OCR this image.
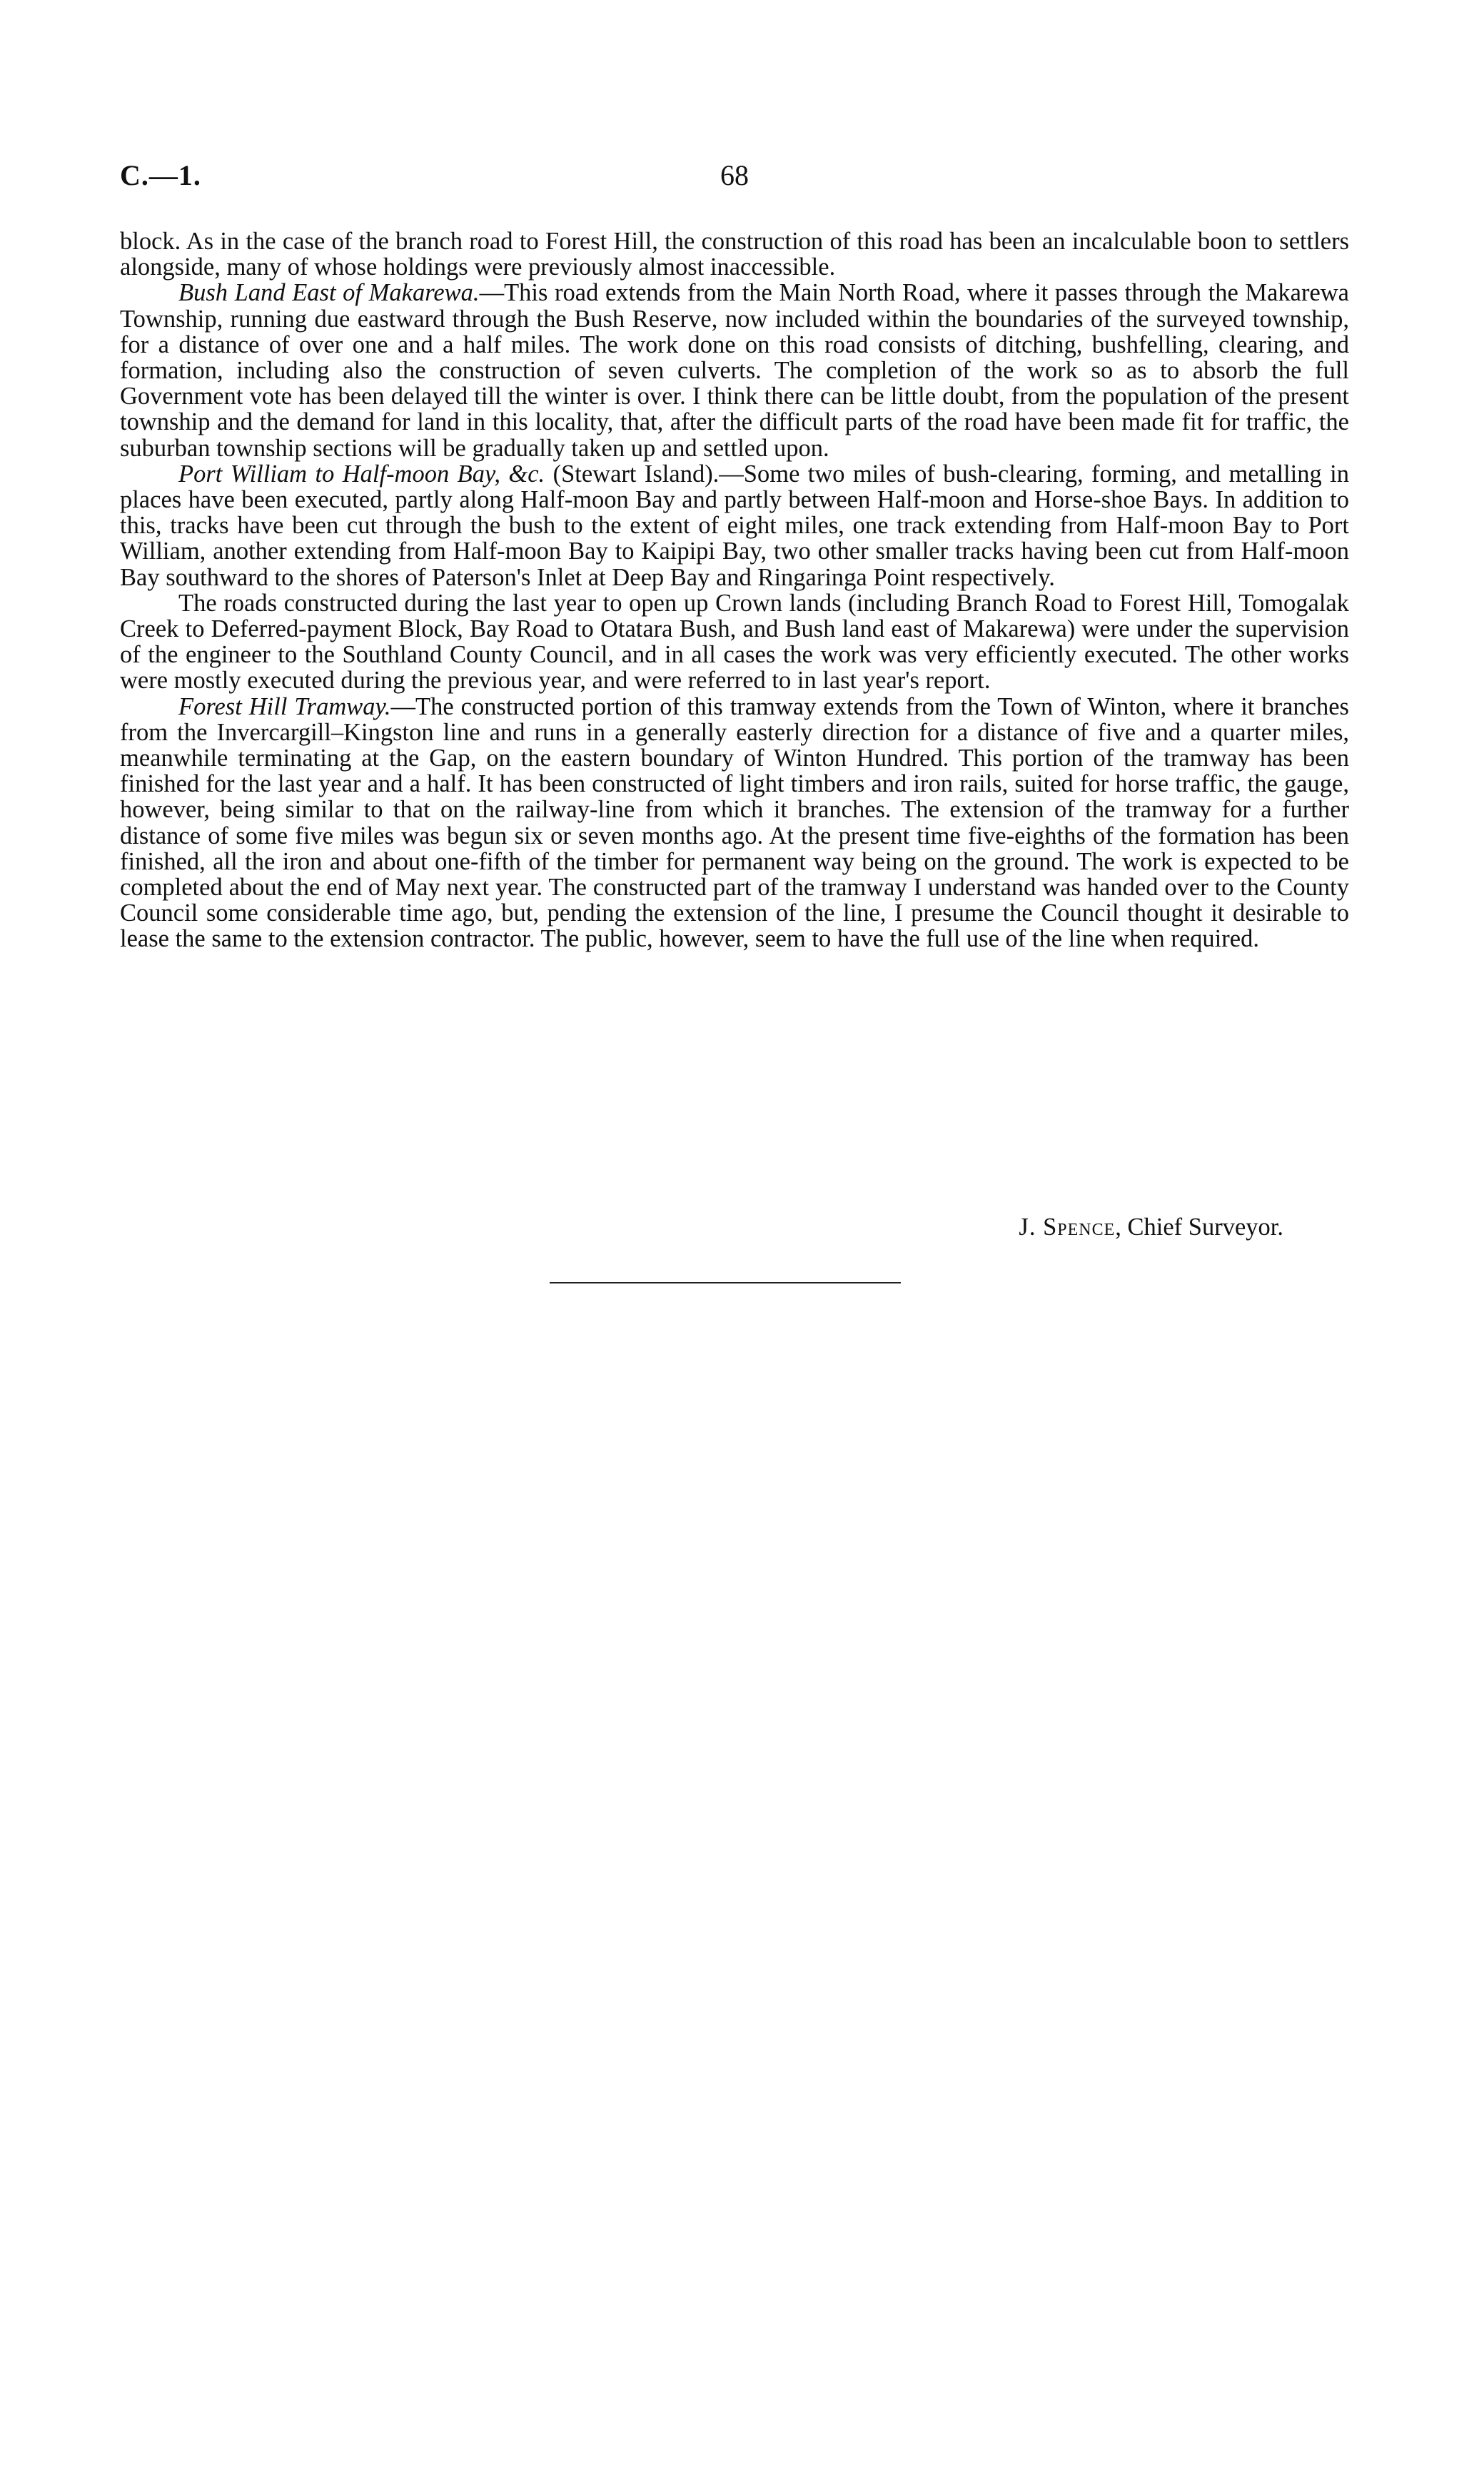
C.—1.	68

block. As in the case of the branch road to Forest Hill, the construction of this road has been an incalculable boon to settlers alongside, many of whose holdings were previously almost inaccessible.

Bush Land East of Makarewa.—This road extends from the Main North Road, where it passes through the Makarewa Township, running due eastward through the Bush Reserve, now included within the boundaries of the surveyed township, for a distance of over one and a half miles. The work done on this road consists of ditching, bushfelling, clearing, and formation, including also the construction of seven culverts. The completion of the work so as to absorb the full Government vote has been delayed till the winter is over. I think there can be little doubt, from the population of the present township and the demand for land in this locality, that, after the difficult parts of the road have been made fit for traffic, the suburban township sections will be gradually taken up and settled upon.

Port William to Half-moon Bay, &c. (Stewart Island).—Some two miles of bush-clearing, forming, and metalling in places have been executed, partly along Half-moon Bay and partly between Half-moon and Horse-shoe Bays. In addition to this, tracks have been cut through the bush to the extent of eight miles, one track extending from Half-moon Bay to Port William, another extending from Half-moon Bay to Kaipipi Bay, two other smaller tracks having been cut from Half-moon Bay southward to the shores of Paterson's Inlet at Deep Bay and Ringaringa Point respectively.

The roads constructed during the last year to open up Crown lands (including Branch Road to Forest Hill, Tomogalak Creek to Deferred-payment Block, Bay Road to Otatara Bush, and Bush land east of Makarewa) were under the supervision of the engineer to the Southland County Council, and in all cases the work was very efficiently executed. The other works were mostly executed during the previous year, and were referred to in last year's report.

Forest Hill Tramway.—The constructed portion of this tramway extends from the Town of Winton, where it branches from the Invercargill–Kingston line and runs in a generally easterly direction for a distance of five and a quarter miles, meanwhile terminating at the Gap, on the eastern boundary of Winton Hundred. This portion of the tramway has been finished for the last year and a half. It has been constructed of light timbers and iron rails, suited for horse traffic, the gauge, however, being similar to that on the railway-line from which it branches. The extension of the tramway for a further distance of some five miles was begun six or seven months ago. At the present time five-eighths of the formation has been finished, all the iron and about one-fifth of the timber for permanent way being on the ground. The work is expected to be completed about the end of May next year. The constructed part of the tramway I understand was handed over to the County Council some considerable time ago, but, pending the extension of the line, I presume the Council thought it desirable to lease the same to the extension contractor. The public, however, seem to have the full use of the line when required.

J. Spence, Chief Surveyor.
